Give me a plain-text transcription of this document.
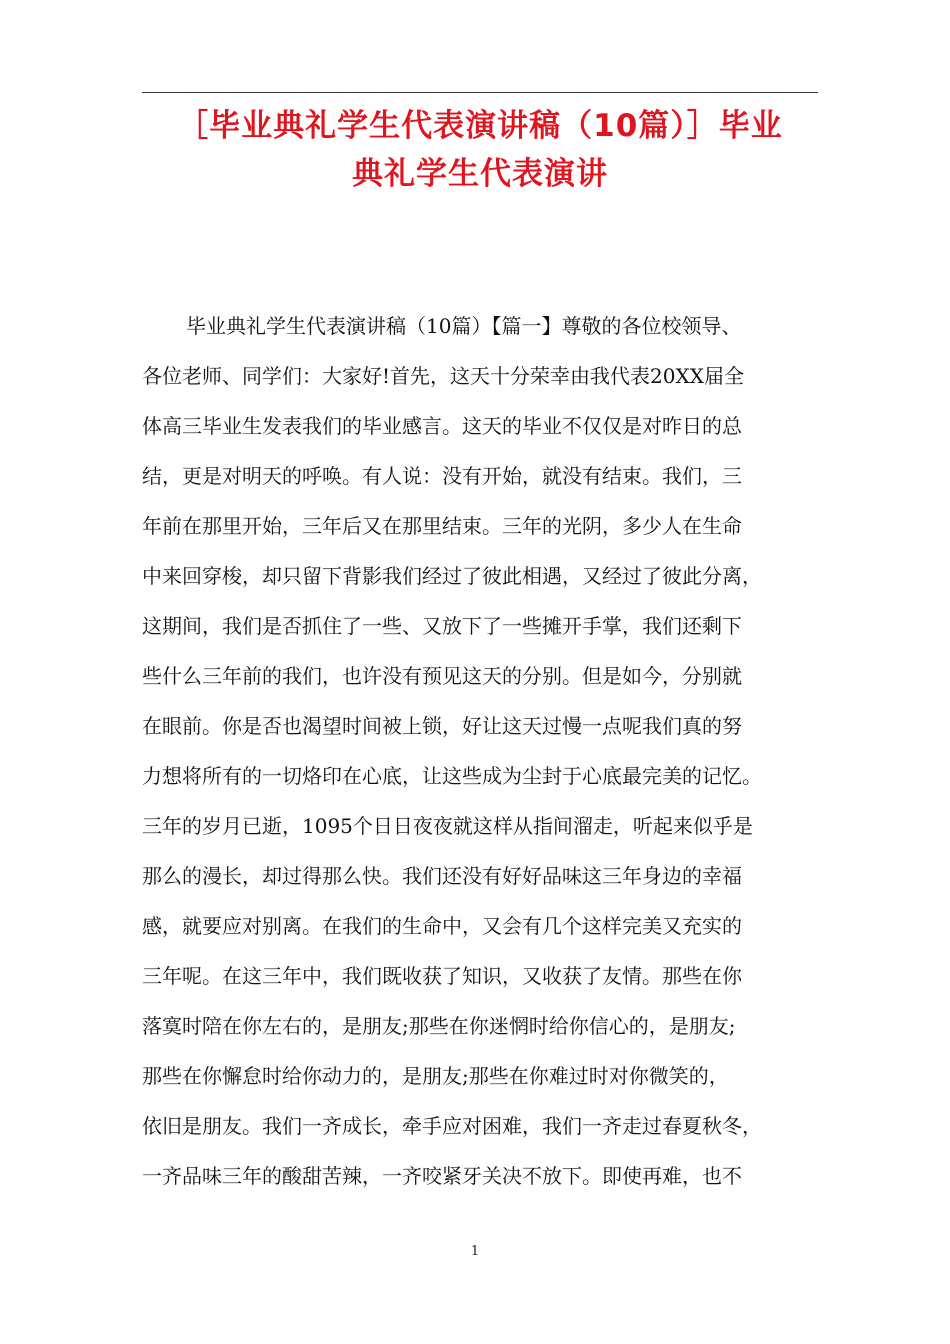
［毕业典礼学生代表演讲稿（10篇）］毕业
典礼学生代表演讲
毕业典礼学生代表演讲稿（10篇）【篇一】尊敬的各位校领导、
各位老师、同学们：大家好!首先，这天十分荣幸由我代表20XX届全
体高三毕业生发表我们的毕业感言。这天的毕业不仅仅是对昨日的总
结，更是对明天的呼唤。有人说：没有开始，就没有结束。我们，三
年前在那里开始，三年后又在那里结束。三年的光阴，多少人在生命
中来回穿梭，却只留下背影我们经过了彼此相遇，又经过了彼此分离，
这期间，我们是否抓住了一些、又放下了一些摊开手掌，我们还剩下
些什么三年前的我们，也许没有预见这天的分别。但是如今，分别就
在眼前。你是否也渴望时间被上锁，好让这天过慢一点呢我们真的努
力想将所有的一切烙印在心底，让这些成为尘封于心底最完美的记忆。
三年的岁月已逝，1095个日日夜夜就这样从指间溜走，听起来似乎是
那么的漫长，却过得那么快。我们还没有好好品味这三年身边的幸福
感，就要应对别离。在我们的生命中，又会有几个这样完美又充实的
三年呢。在这三年中，我们既收获了知识，又收获了友情。那些在你
落寞时陪在你左右的，是朋友;那些在你迷惘时给你信心的，是朋友;
那些在你懈怠时给你动力的，是朋友;那些在你难过时对你微笑的，
依旧是朋友。我们一齐成长，牵手应对困难，我们一齐走过春夏秋冬，
一齐品味三年的酸甜苦辣，一齐咬紧牙关决不放下。即使再难，也不
1
